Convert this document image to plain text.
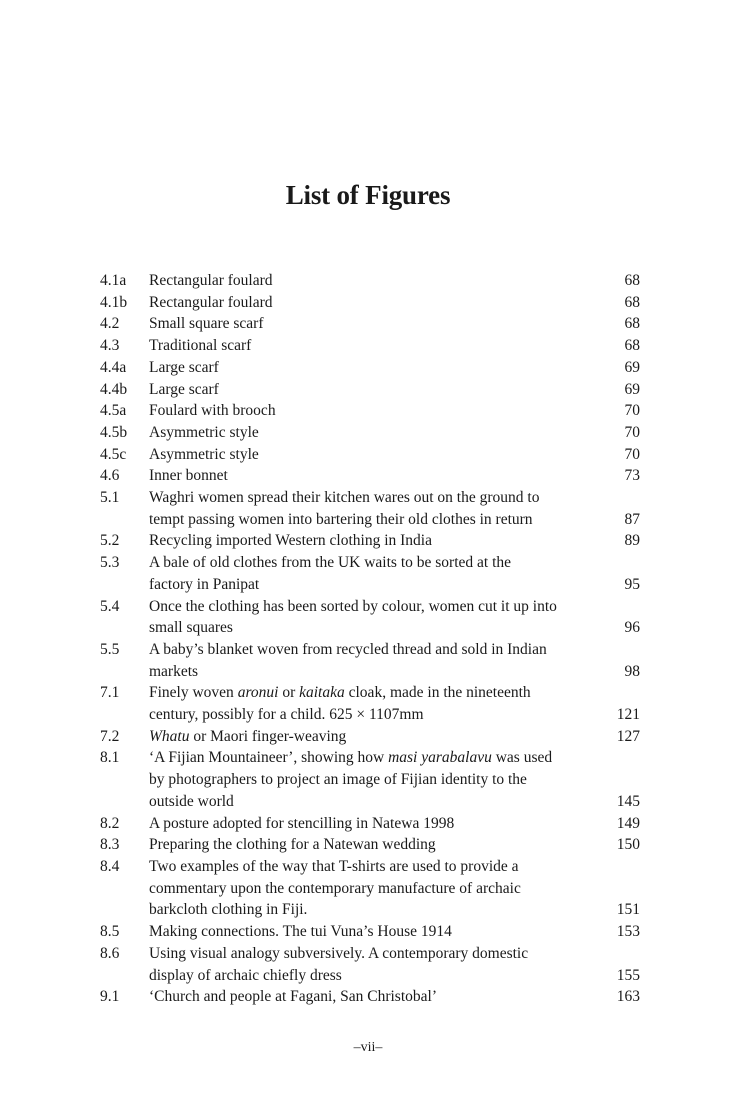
List of Figures
4.1a Rectangular foulard	68
4.1b Rectangular foulard	68
4.2 Small square scarf	68
4.3 Traditional scarf	68
4.4a Large scarf	69
4.4b Large scarf	69
4.5a Foulard with brooch	70
4.5b Asymmetric style	70
4.5c Asymmetric style	70
4.6 Inner bonnet	73
5.1 Waghri women spread their kitchen wares out on the ground to
tempt passing women into bartering their old clothes in return	87
5.2 Recycling imported Western clothing in India	89
5.3 A bale of old clothes from the UK waits to be sorted at the
factory in Panipat	95
5.4 Once the clothing has been sorted by colour, women cut it up into
small squares	96
5.5 A baby’s blanket woven from recycled thread and sold in Indian
markets	98
7.1 Finely woven aronui or kaitaka cloak, made in the nineteenth
century, possibly for a child. 625 × 1107mm	121
7.2 Whatu or Maori finger-weaving	127
8.1 ‘A Fijian Mountaineer’, showing how masi yarabalavu was used
by photographers to project an image of Fijian identity to the
outside world	145
8.2 A posture adopted for stencilling in Natewa 1998	149
8.3 Preparing the clothing for a Natewan wedding	150
8.4 Two examples of the way that T-shirts are used to provide a
commentary upon the contemporary manufacture of archaic
barkcloth clothing in Fiji.	151
8.5 Making connections. The tui Vuna’s House 1914	153
8.6 Using visual analogy subversively. A contemporary domestic
display of archaic chiefly dress	155
9.1 ‘Church and people at Fagani, San Christobal’	163
–vii–
